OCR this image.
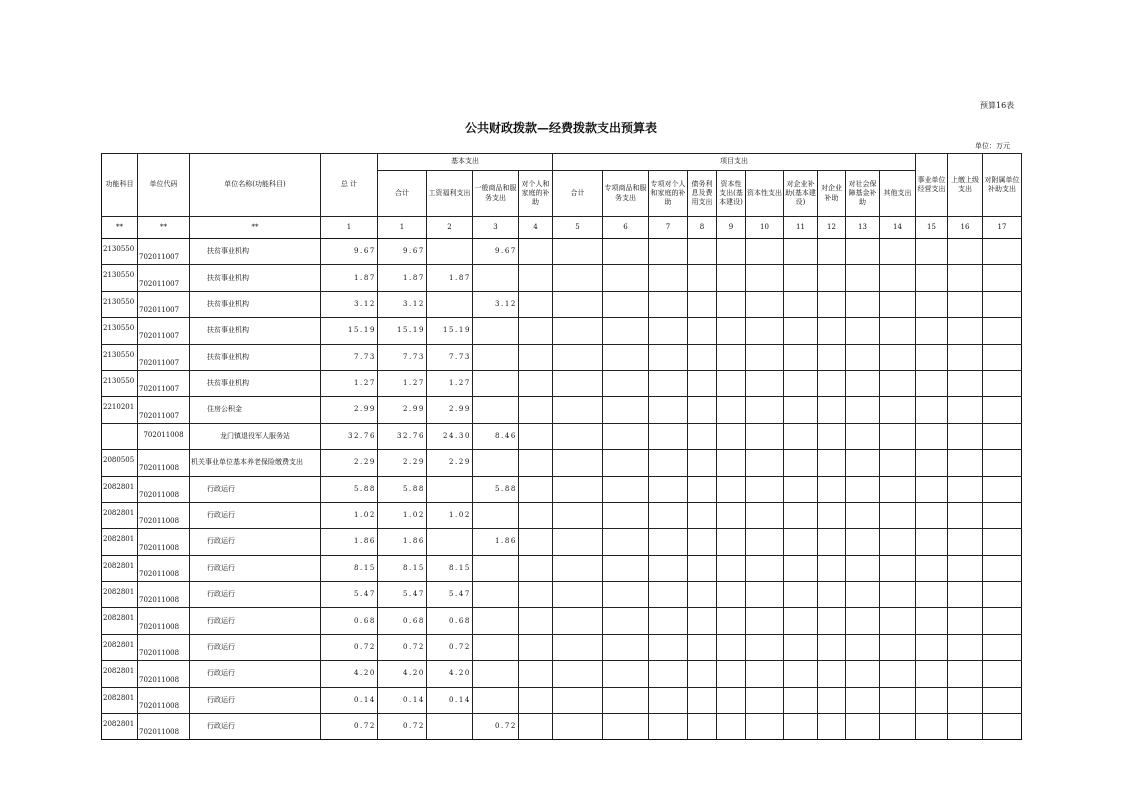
预算16表
公共财政拨款—经费拨款支出预算表
单位：万元
功能科目	单位代码	单位名称(功能科目)	总 计	基本支出				项目支出										事业单位经营支出	上缴上级支出	对附属单位补助支出
				合计	工资福利支出	一般商品和服务支出	对个人和家庭的补助	合计	专项商品和服务支出	专项对个人和家庭的补助	债务利息及费用支出	资本性支出(基本建设)	资本性支出	对企业补助(基本建设)	对企业补助	对社会保障基金补助	其他支出			
**	**	**	1	1	2	3	4	5	6	7	8	9	10	11	12	13	14	15	16	17
2130550	702011007	扶贫事业机构	9.67	9.67		9.67														
2130550	702011007	扶贫事业机构	1.87	1.87	1.87															
2130550	702011007	扶贫事业机构	3.12	3.12		3.12														
2130550	702011007	扶贫事业机构	15.19	15.19	15.19															
2130550	702011007	扶贫事业机构	7.73	7.73	7.73															
2130550	702011007	扶贫事业机构	1.27	1.27	1.27															
2210201	702011007	住房公积金	2.99	2.99	2.99															
	702011008	龙门镇退役军人服务站	32.76	32.76	24.30	8.46														
2080505	702011008	机关事业单位基本养老保险缴费支出	2.29	2.29	2.29															
2082801	702011008	行政运行	5.88	5.88		5.88														
2082801	702011008	行政运行	1.02	1.02	1.02															
2082801	702011008	行政运行	1.86	1.86		1.86														
2082801	702011008	行政运行	8.15	8.15	8.15															
2082801	702011008	行政运行	5.47	5.47	5.47															
2082801	702011008	行政运行	0.68	0.68	0.68															
2082801	702011008	行政运行	0.72	0.72	0.72															
2082801	702011008	行政运行	4.20	4.20	4.20															
2082801	702011008	行政运行	0.14	0.14	0.14															
2082801	702011008	行政运行	0.72	0.72		0.72														
